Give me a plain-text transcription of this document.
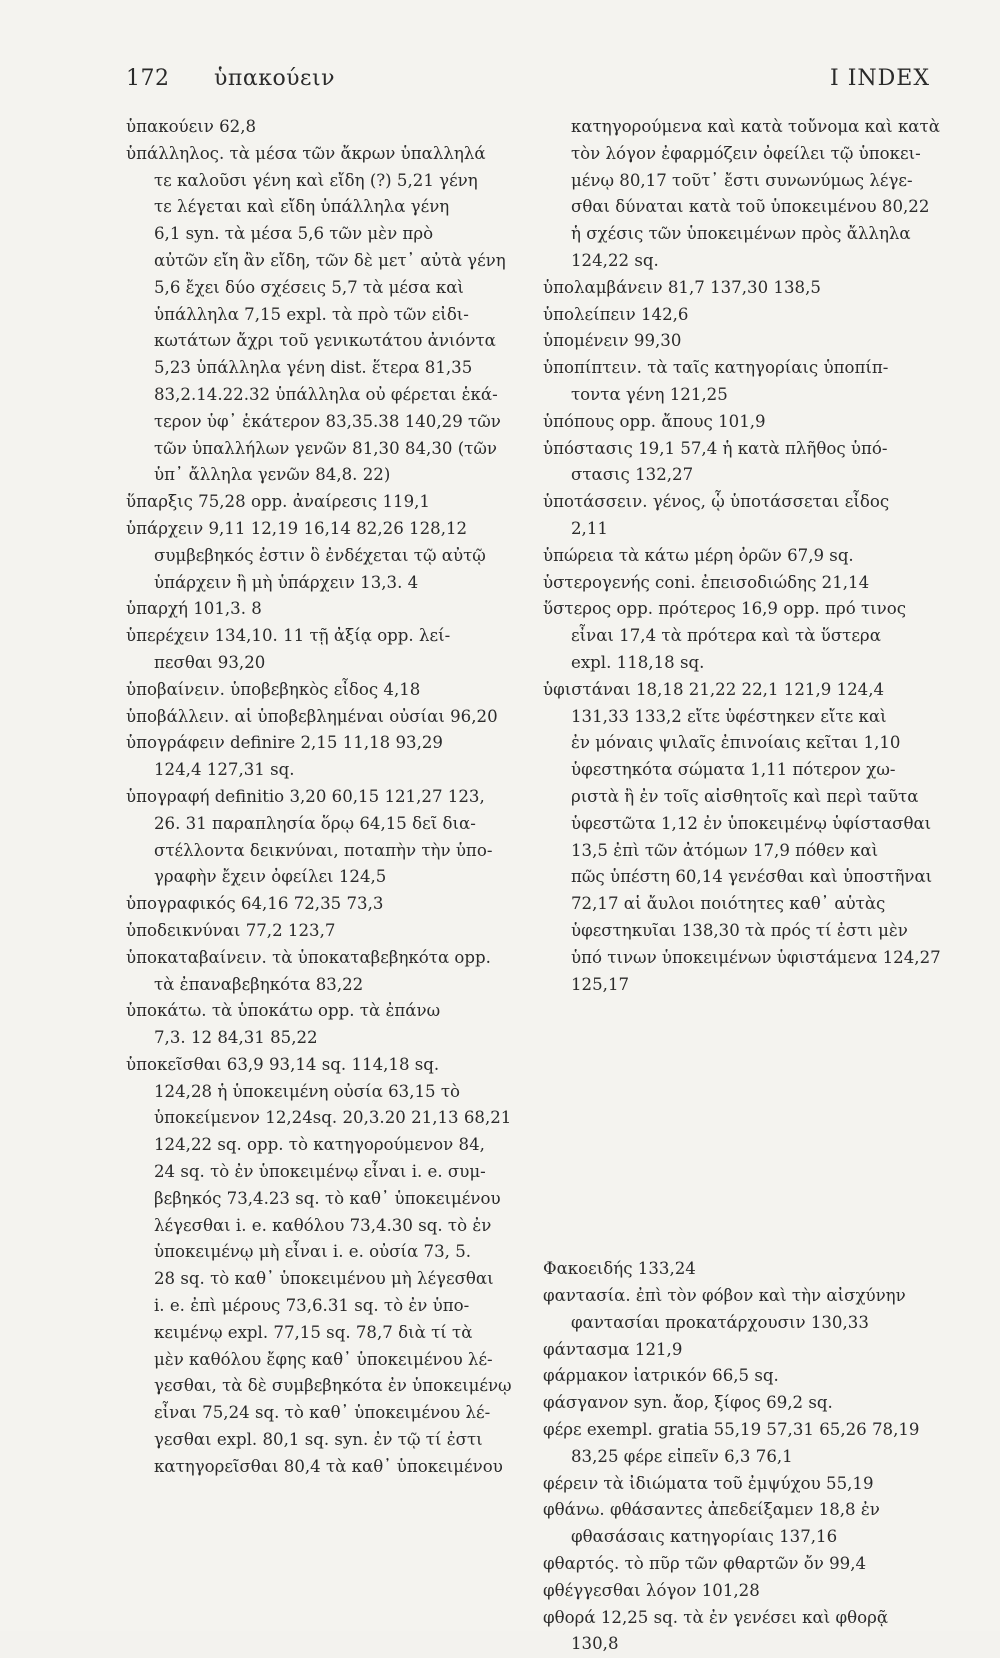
172 ὑπακούειν	I INDEX
ὑπακούειν 62,8
ὑπάλληλος. τὰ μέσα τῶν ἄκρων ὑπαλληλά
τε καλοῦσι γένη καὶ εἴδη (?) 5,21 γένη
τε λέγεται καὶ εἴδη ὑπάλληλα γένη
6,1 syn. τὰ μέσα 5,6 τῶν μὲν πρὸ
αὐτῶν εἴη ἂν εἴδη, τῶν δὲ μετ᾽ αὐτὰ γένη
5,6 ἔχει δύο σχέσεις 5,7 τὰ μέσα καὶ
ὑπάλληλα 7,15 expl. τὰ πρὸ τῶν εἰδι-
κωτάτων ἄχρι τοῦ γενικωτάτου ἀνιόντα
5,23 ὑπάλληλα γένη dist. ἕτερα 81,35
83,2.14.22.32 ὑπάλληλα οὐ φέρεται ἑκά-
τερον ὑφ᾽ ἑκάτερον 83,35.38 140,29 τῶν
τῶν ὑπαλλήλων γενῶν 81,30 84,30 (τῶν
ὑπ᾽ ἄλληλα γενῶν 84,8. 22)
ὕπαρξις 75,28 opp. ἀναίρεσις 119,1
ὑπάρχειν 9,11 12,19 16,14 82,26 128,12
συμβεβηκός ἐστιν ὃ ἐνδέχεται τῷ αὐτῷ
ὑπάρχειν ἢ μὴ ὑπάρχειν 13,3. 4
ὑπαρχή 101,3. 8
ὑπερέχειν 134,10. 11 τῇ ἀξίᾳ opp. λεί-
πεσθαι 93,20
ὑποβαίνειν. ὑποβεβηκὸς εἶδος 4,18
ὑποβάλλειν. αἱ ὑποβεβλημέναι οὐσίαι 96,20
ὑπογράφειν definire 2,15 11,18 93,29
124,4 127,31 sq.
ὑπογραφή definitio 3,20 60,15 121,27 123,
26. 31 παραπλησία ὅρῳ 64,15 δεῖ δια-
στέλλοντα δεικνύναι, ποταπὴν τὴν ὑπο-
γραφὴν ἔχειν ὀφείλει 124,5
ὑπογραφικός 64,16 72,35 73,3
ὑποδεικνύναι 77,2 123,7
ὑποκαταβαίνειν. τὰ ὑποκαταβεβηκότα opp.
τὰ ἐπαναβεβηκότα 83,22
ὑποκάτω. τὰ ὑποκάτω opp. τὰ ἐπάνω
7,3. 12 84,31 85,22
ὑποκεῖσθαι 63,9 93,14 sq. 114,18 sq.
124,28 ἡ ὑποκειμένη οὐσία 63,15 τὸ
ὑποκείμενον 12,24sq. 20,3.20 21,13 68,21
124,22 sq. opp. τὸ κατηγορούμενον 84,
24 sq. τὸ ἐν ὑποκειμένῳ εἶναι i. e. συμ-
βεβηκός 73,4.23 sq. τὸ καθ᾽ ὑποκειμένου
λέγεσθαι i. e. καθόλου 73,4.30 sq. τὸ ἐν
ὑποκειμένῳ μὴ εἶναι i. e. οὐσία 73, 5.
28 sq. τὸ καθ᾽ ὑποκειμένου μὴ λέγεσθαι
i. e. ἐπὶ μέρους 73,6.31 sq. τὸ ἐν ὑπο-
κειμένῳ expl. 77,15 sq. 78,7 διὰ τί τὰ
μὲν καθόλου ἔφης καθ᾽ ὑποκειμένου λέ-
γεσθαι, τὰ δὲ συμβεβηκότα ἐν ὑποκειμένῳ
εἶναι 75,24 sq. τὸ καθ᾽ ὑποκειμένου λέ-
γεσθαι expl. 80,1 sq. syn. ἐν τῷ τί ἐστι
κατηγορεῖσθαι 80,4 τὰ καθ᾽ ὑποκειμένου
κατηγορούμενα καὶ κατὰ τοὔνομα καὶ κατὰ
τὸν λόγον ἐφαρμόζειν ὀφείλει τῷ ὑποκει-
μένῳ 80,17 τοῦτ᾽ ἔστι συνωνύμως λέγε-
σθαι δύναται κατὰ τοῦ ὑποκειμένου 80,22
ἡ σχέσις τῶν ὑποκειμένων πρὸς ἄλληλα
124,22 sq.
ὑπολαμβάνειν 81,7 137,30 138,5
ὑπολείπειν 142,6
ὑπομένειν 99,30
ὑποπίπτειν. τὰ ταῖς κατηγορίαις ὑποπίπ-
τοντα γένη 121,25
ὑπόπους opp. ἄπους 101,9
ὑπόστασις 19,1 57,4 ἡ κατὰ πλῆθος ὑπό-
στασις 132,27
ὑποτάσσειν. γένος, ᾧ ὑποτάσσεται εἶδος
2,11
ὑπώρεια τὰ κάτω μέρη ὀρῶν 67,9 sq.
ὑστερογενής coni. ἐπεισοδιώδης 21,14
ὕστερος opp. πρότερος 16,9 opp. πρό τινος
εἶναι 17,4 τὰ πρότερα καὶ τὰ ὕστερα
expl. 118,18 sq.
ὑφιστάναι 18,18 21,22 22,1 121,9 124,4
131,33 133,2 εἴτε ὑφέστηκεν εἴτε καὶ
ἐν μόναις ψιλαῖς ἐπινοίαις κεῖται 1,10
ὑφεστηκότα σώματα 1,11 πότερον χω-
ριστὰ ἢ ἐν τοῖς αἰσθητοῖς καὶ περὶ ταῦτα
ὑφεστῶτα 1,12 ἐν ὑποκειμένῳ ὑφίστασθαι
13,5 ἐπὶ τῶν ἀτόμων 17,9 πόθεν καὶ
πῶς ὑπέστη 60,14 γενέσθαι καὶ ὑποστῆναι
72,17 αἱ ἄυλοι ποιότητες καθ᾽ αὑτὰς
ὑφεστηκυῖαι 138,30 τὰ πρός τί ἐστι μὲν
ὑπό τινων ὑποκειμένων ὑφιστάμενα 124,27
125,17
Φακοειδής 133,24
φαντασία. ἐπὶ τὸν φόβον καὶ τὴν αἰσχύνην
φαντασίαι προκατάρχουσιν 130,33
φάντασμα 121,9
φάρμακον ἰατρικόν 66,5 sq.
φάσγανον syn. ἄορ, ξίφος 69,2 sq.
φέρε exempl. gratia 55,19 57,31 65,26 78,19
83,25 φέρε εἰπεῖν 6,3 76,1
φέρειν τὰ ἰδιώματα τοῦ ἐμψύχου 55,19
φθάνω. φθάσαντες ἀπεδείξαμεν 18,8 ἐν
φθασάσαις κατηγορίαις 137,16
φθαρτός. τὸ πῦρ τῶν φθαρτῶν ὄν 99,4
φθέγγεσθαι λόγον 101,28
φθορά 12,25 sq. τὰ ἐν γενέσει καὶ φθορᾷ
130,8
